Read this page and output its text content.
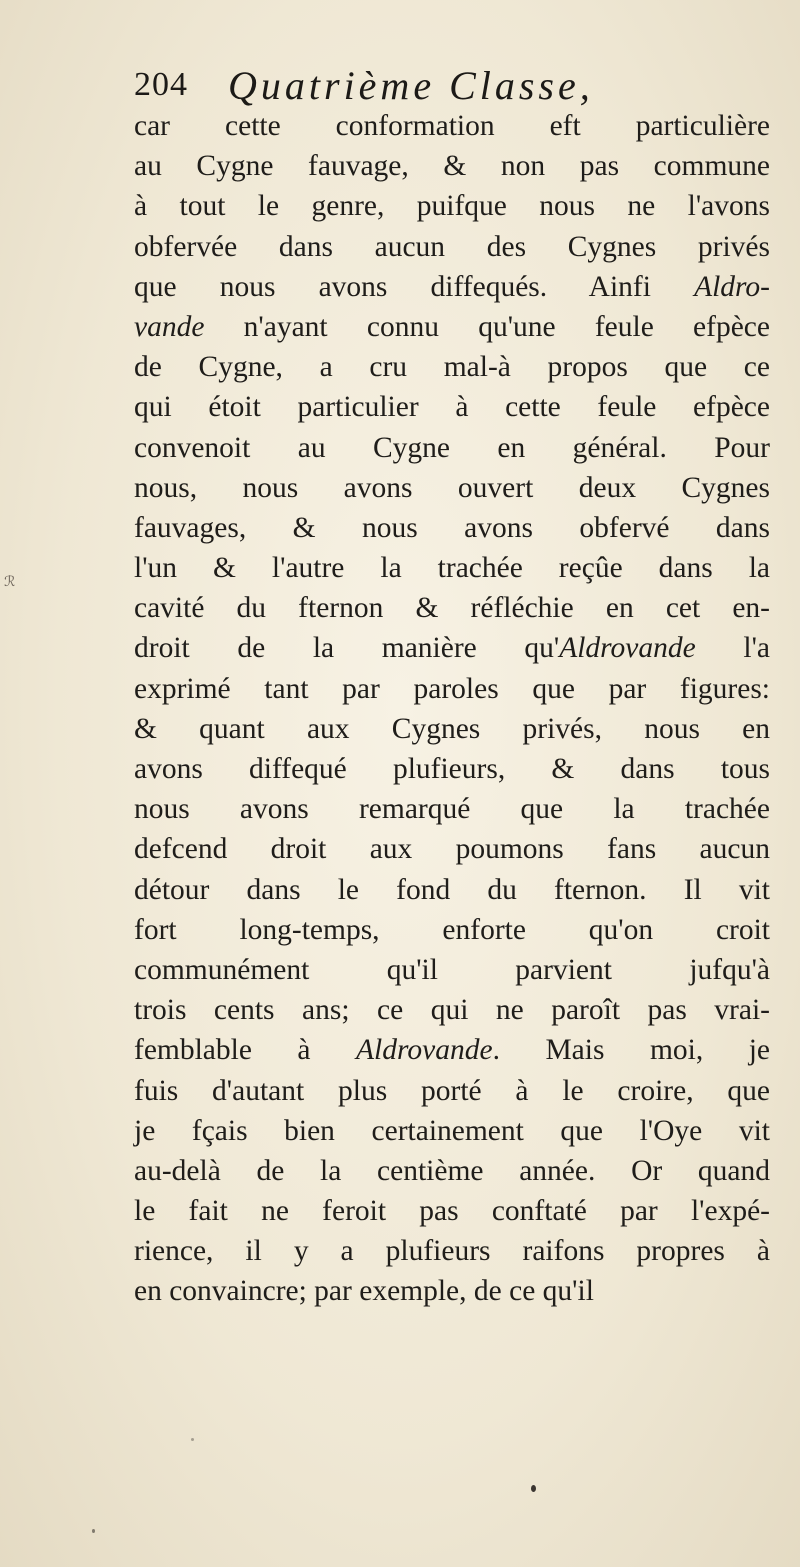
204 Quatrième Classe,
ℛ
car cette conformation eft particulière
au Cygne fauvage, & non pas commune
à tout le genre, puifque nous ne l'avons
obfervée dans aucun des Cygnes privés
que nous avons diffequés. Ainfi Aldro-
vande n'ayant connu qu'une feule efpèce
de Cygne, a cru mal-à propos que ce
qui étoit particulier à cette feule efpèce
convenoit au Cygne en général. Pour
nous, nous avons ouvert deux Cygnes
fauvages, & nous avons obfervé dans
l'un & l'autre la trachée reçûe dans la
cavité du fternon & réfléchie en cet en-
droit de la manière qu'Aldrovande l'a
exprimé tant par paroles que par figures:
& quant aux Cygnes privés, nous en
avons diffequé plufieurs, & dans tous
nous avons remarqué que la trachée
defcend droit aux poumons fans aucun
détour dans le fond du fternon. Il vit
fort long-temps, enforte qu'on croit
communément qu'il parvient jufqu'à
trois cents ans; ce qui ne paroît pas vrai-
femblable à Aldrovande. Mais moi, je
fuis d'autant plus porté à le croire, que
je fçais bien certainement que l'Oye vit
au-delà de la centième année. Or quand
le fait ne feroit pas conftaté par l'expé-
rience, il y a plufieurs raifons propres à
en convaincre; par exemple, de ce qu'il
